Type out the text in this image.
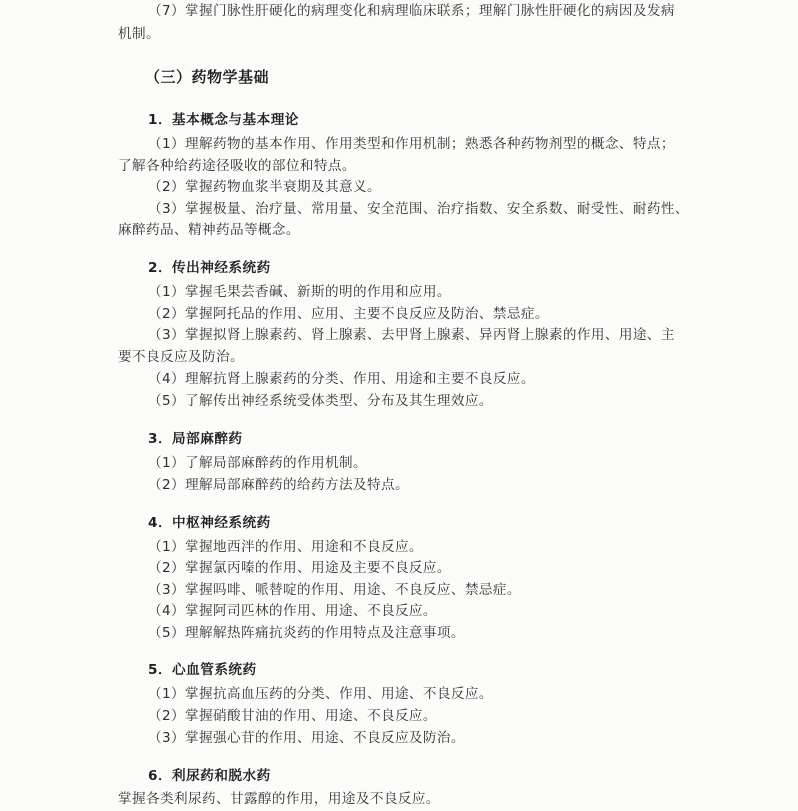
（7）掌握门脉性肝硬化的病理变化和病理临床联系；理解门脉性肝硬化的病因及发病
机制。
（三）药物学基础
1．基本概念与基本理论
（1）理解药物的基本作用、作用类型和作用机制；熟悉各种药物剂型的概念、特点；
了解各种给药途径吸收的部位和特点。
（2）掌握药物血浆半衰期及其意义。
（3）掌握极量、治疗量、常用量、安全范围、治疗指数、安全系数、耐受性、耐药性、
麻醉药品、精神药品等概念。
2．传出神经系统药
（1）掌握毛果芸香碱、新斯的明的作用和应用。
（2）掌握阿托品的作用、应用、主要不良反应及防治、禁忌症。
（3）掌握拟肾上腺素药、肾上腺素、去甲肾上腺素、异丙肾上腺素的作用、用途、主
要不良反应及防治。
（4）理解抗肾上腺素药的分类、作用、用途和主要不良反应。
（5）了解传出神经系统受体类型、分布及其生理效应。
3．局部麻醉药
（1）了解局部麻醉药的作用机制。
（2）理解局部麻醉药的给药方法及特点。
4．中枢神经系统药
（1）掌握地西泮的作用、用途和不良反应。
（2）掌握氯丙嗪的作用、用途及主要不良反应。
（3）掌握吗啡、哌替啶的作用、用途、不良反应、禁忌症。
（4）掌握阿司匹林的作用、用途、不良反应。
（5）理解解热阵痛抗炎药的作用特点及注意事项。
5．心血管系统药
（1）掌握抗高血压药的分类、作用、用途、不良反应。
（2）掌握硝酸甘油的作用、用途、不良反应。
（3）掌握强心苷的作用、用途、不良反应及防治。
6．利尿药和脱水药
掌握各类利尿药、甘露醇的作用，用途及不良反应。
